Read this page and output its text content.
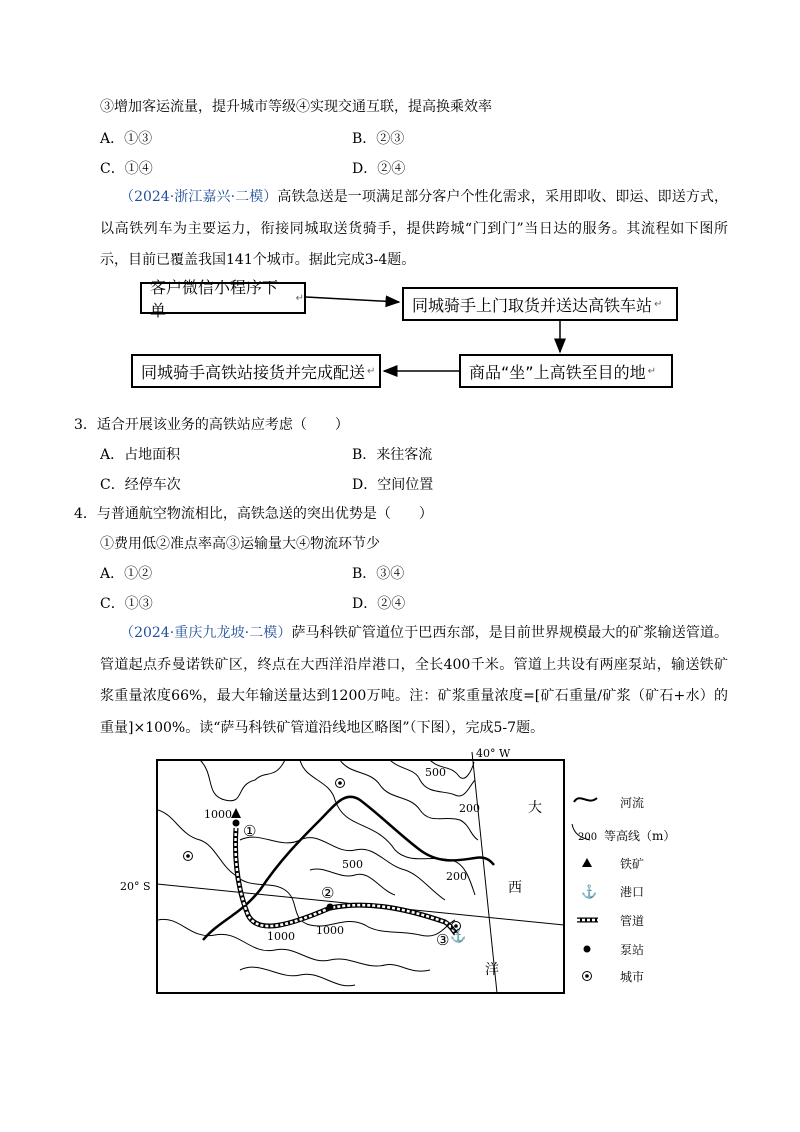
③增加客运流量，提升城市等级④实现交通互联，提高换乘效率
A．①③	B．②③
C．①④	D．②④
（2024·浙江嘉兴·二模）高铁急送是一项满足部分客户个性化需求，采用即收、即运、即送方式，以高铁列车为主要运力，衔接同城取送货骑手，提供跨城“门到门”当日达的服务。其流程如下图所示，目前已覆盖我国141个城市。据此完成3-4题。
客户微信小程序下单
↵	同城骑手上门取货并送达高铁车站 ↵
商品“坐”上高铁至目的地 ↵
同城骑手高铁站接货并完成配送 ↵
3．适合开展该业务的高铁站应考虑（　　）
A．占地面积	B．来往客流
C．经停车次	D．空间位置
4．与普通航空物流相比，高铁急送的突出优势是（　　）
①费用低②准点率高③运输量大④物流环节少
A．①②	B．③④
C．①③	D．②④
（2024·重庆九龙坡·二模）萨马科铁矿管道位于巴西东部，是目前世界规模最大的矿浆输送管道。管道起点乔曼诺铁矿区，终点在大西洋沿岸港口，全长400千米。管道上共设有两座泵站，输送铁矿浆重量浓度66%，最大年输送量达到1200万吨。注：矿浆重量浓度=[矿石重量/矿浆（矿石+水）的重量]×100%。读“萨马科铁矿管道沿线地区略图”（下图），完成5-7题。
40° W
20° S
1000
500
200
500
200
1000 1000
①
②
③ ⚓
大
西
洋
河流
200 等高线（m）
铁矿
⚓ 港口
管道
泵站
城市
